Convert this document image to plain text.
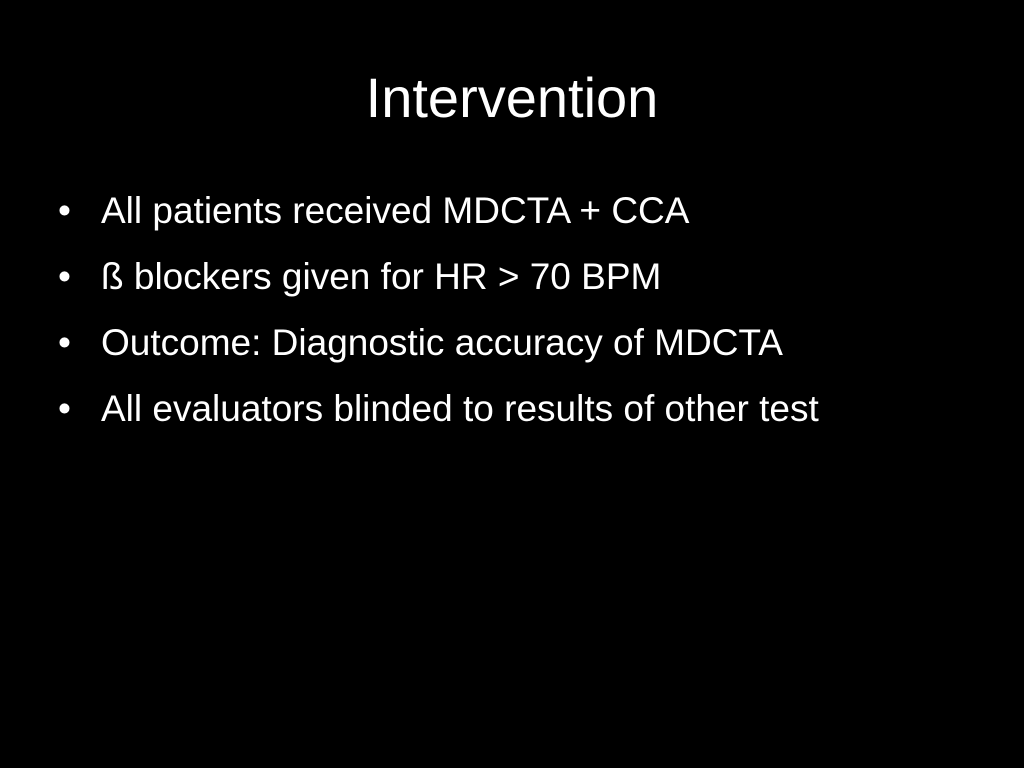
Intervention
• All patients received MDCTA + CCA
• ß blockers given for HR > 70 BPM
• Outcome: Diagnostic accuracy of MDCTA
• All evaluators blinded to results of other test
